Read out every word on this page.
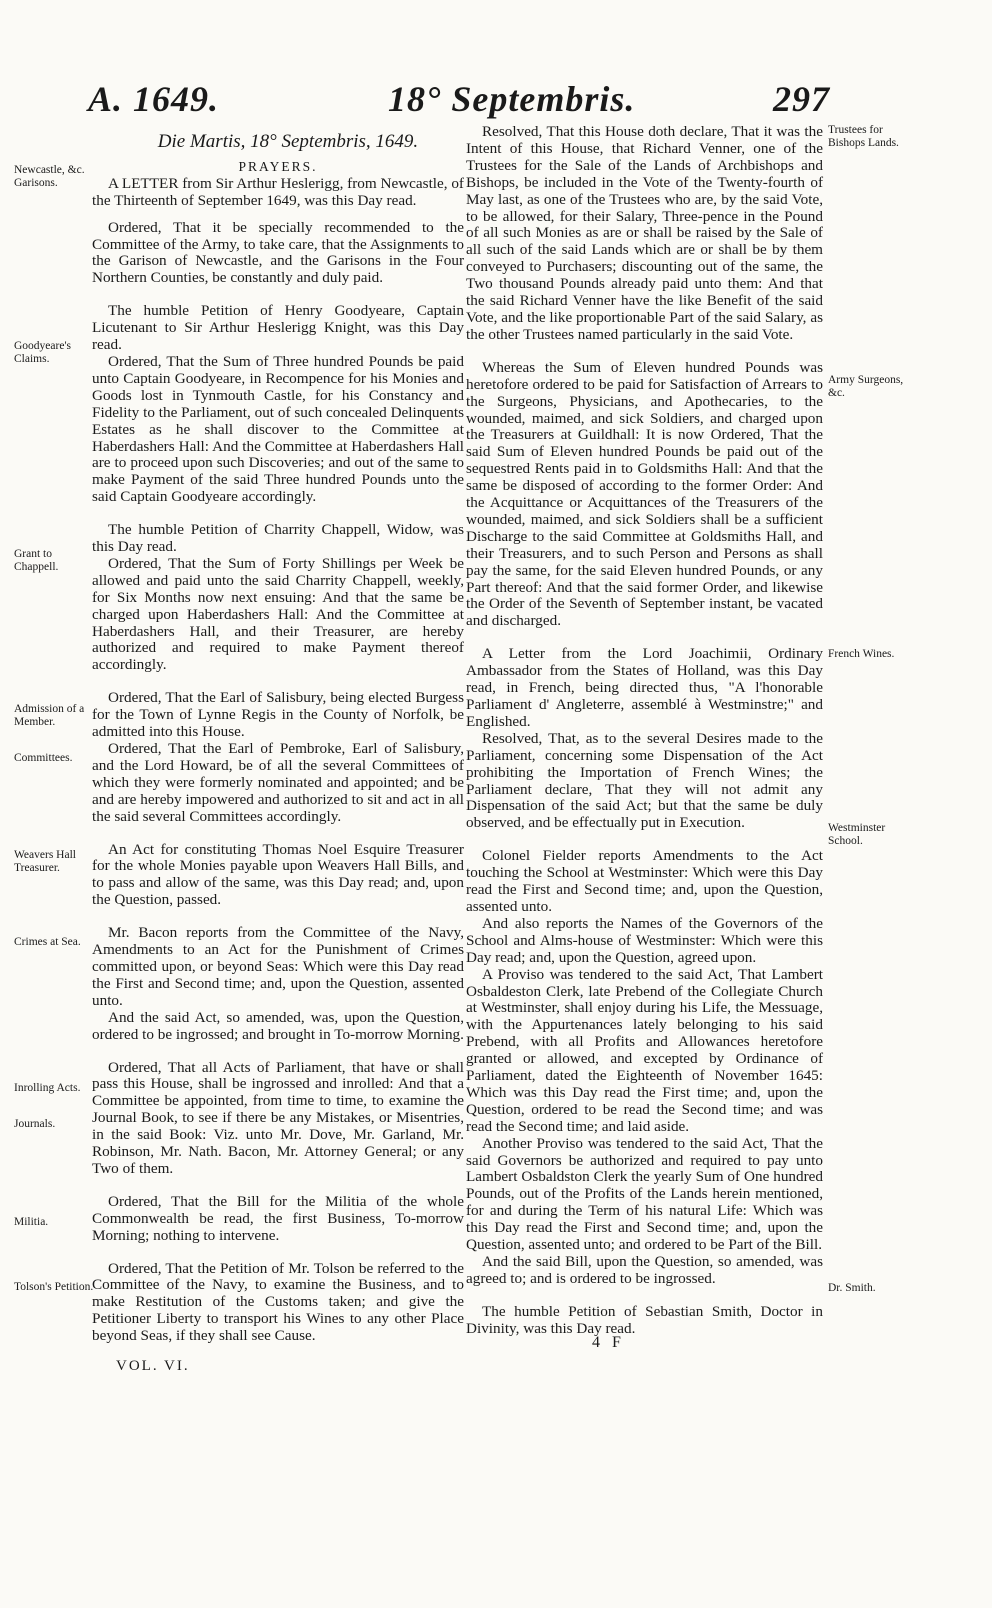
A. 1649.	18° Septembris.	297
Die Martis, 18° Septembris, 1649.
PRAYERS.

A LETTER from Sir Arthur Heslerigg, from Newcastle, of the Thirteenth of September 1649, was this Day read.

Ordered, That it be specially recommended to the Committee of the Army, to take care, that the Assignments to the Garison of Newcastle, and the Garisons in the Four Northern Counties, be constantly and duly paid.

The humble Petition of Henry Goodyeare, Captain Licutenant to Sir Arthur Heslerigg Knight, was this Day read.

Ordered, That the Sum of Three hundred Pounds be paid unto Captain Goodyeare, in Recompence for his Monies and Goods lost in Tynmouth Castle, for his Constancy and Fidelity to the Parliament, out of such concealed Delinquents Estates as he shall discover to the Committee at Haberdashers Hall: And the Committee at Haberdashers Hall are to proceed upon such Discoveries; and out of the same to make Payment of the said Three hundred Pounds unto the said Captain Goodyeare accordingly.

The humble Petition of Charrity Chappell, Widow, was this Day read.

Ordered, That the Sum of Forty Shillings per Week be allowed and paid unto the said Charrity Chappell, weekly, for Six Months now next ensuing: And that the same be charged upon Haberdashers Hall: And the Committee at Haberdashers Hall, and their Treasurer, are hereby authorized and required to make Payment thereof accordingly.

Ordered, That the Earl of Salisbury, being elected Burgess for the Town of Lynne Regis in the County of Norfolk, be admitted into this House.

Ordered, That the Earl of Pembroke, Earl of Salisbury, and the Lord Howard, be of all the several Committees of which they were formerly nominated and appointed; and be and are hereby impowered and authorized to sit and act in all the said several Committees accordingly.

An Act for constituting Thomas Noel Esquire Treasurer for the whole Monies payable upon Weavers Hall Bills, and to pass and allow of the same, was this Day read; and, upon the Question, passed.

Mr. Bacon reports from the Committee of the Navy, Amendments to an Act for the Punishment of Crimes committed upon, or beyond Seas: Which were this Day read the First and Second time; and, upon the Question, assented unto.

And the said Act, so amended, was, upon the Question, ordered to be ingrossed; and brought in To-morrow Morning.

Ordered, That all Acts of Parliament, that have or shall pass this House, shall be ingrossed and inrolled: And that a Committee be appointed, from time to time, to examine the Journal Book, to see if there be any Mistakes, or Misentries, in the said Book: Viz. unto Mr. Dove, Mr. Garland, Mr. Robinson, Mr. Nath. Bacon, Mr. Attorney General; or any Two of them.

Ordered, That the Bill for the Militia of the whole Commonwealth be read, the first Business, To-morrow Morning; nothing to intervene.

Ordered, That the Petition of Mr. Tolson be referred to the Committee of the Navy, to examine the Business, and to make Restitution of the Customs taken; and give the Petitioner Liberty to transport his Wines to any other Place beyond Seas, if they shall see Cause.

Newcastle, &c. Garisons.
Goodyeare's Claims.
Grant to Chappell.
Admission of a Member.
Committees.
Weavers Hall Treasurer.
Crimes at Sea.
Inrolling Acts.
Journals.
Militia.
Tolson's Petition.

Resolved, That this House doth declare, That it was the Intent of this House, that Richard Venner, one of the Trustees for the Sale of the Lands of Archbishops and Bishops, be included in the Vote of the Twenty-fourth of May last, as one of the Trustees who are, by the said Vote, to be allowed, for their Salary, Three-pence in the Pound of all such Monies as are or shall be raised by the Sale of all such of the said Lands which are or shall be by them conveyed to Purchasers; discounting out of the same, the Two thousand Pounds already paid unto them: And that the said Richard Venner have the like Benefit of the said Vote, and the like proportionable Part of the said Salary, as the other Trustees named particularly in the said Vote.

Whereas the Sum of Eleven hundred Pounds was heretofore ordered to be paid for Satisfaction of Arrears to the Surgeons, Physicians, and Apothecaries, to the wounded, maimed, and sick Soldiers, and charged upon the Treasurers at Guildhall: It is now Ordered, That the said Sum of Eleven hundred Pounds be paid out of the sequestred Rents paid in to Goldsmiths Hall: And that the same be disposed of according to the former Order: And the Acquittance or Acquittances of the Treasurers of the wounded, maimed, and sick Soldiers shall be a sufficient Discharge to the said Committee at Goldsmiths Hall, and their Treasurers, and to such Person and Persons as shall pay the same, for the said Eleven hundred Pounds, or any Part thereof: And that the said former Order, and likewise the Order of the Seventh of September instant, be vacated and discharged.

A Letter from the Lord Joachimii, Ordinary Ambassador from the States of Holland, was this Day read, in French, being directed thus, "A l'honorable Parliament d' Angleterre, assemblé à Westminstre;" and Englished.

Resolved, That, as to the several Desires made to the Parliament, concerning some Dispensation of the Act prohibiting the Importation of French Wines; the Parliament declare, That they will not admit any Dispensation of the said Act; but that the same be duly observed, and be effectually put in Execution.

Colonel Fielder reports Amendments to the Act touching the School at Westminster: Which were this Day read the First and Second time; and, upon the Question, assented unto.

And also reports the Names of the Governors of the School and Alms-house of Westminster: Which were this Day read; and, upon the Question, agreed upon.

A Proviso was tendered to the said Act, That Lambert Osbaldeston Clerk, late Prebend of the Collegiate Church at Westminster, shall enjoy during his Life, the Messuage, with the Appurtenances lately belonging to his said Prebend, with all Profits and Allowances heretofore granted or allowed, and excepted by Ordinance of Parliament, dated the Eighteenth of November 1645: Which was this Day read the First time; and, upon the Question, ordered to be read the Second time; and was read the Second time; and laid aside.

Another Proviso was tendered to the said Act, That the said Governors be authorized and required to pay unto Lambert Osbaldston Clerk the yearly Sum of One hundred Pounds, out of the Profits of the Lands herein mentioned, for and during the Term of his natural Life: Which was this Day read the First and Second time; and, upon the Question, assented unto; and ordered to be Part of the Bill.

And the said Bill, upon the Question, so amended, was agreed to; and is ordered to be ingrossed.

The humble Petition of Sebastian Smith, Doctor in Divinity, was this Day read.

Trustees for Bishops Lands.
Army Surgeons, &c.
French Wines.
Westminster School.
Dr. Smith.
VOL. VI.
4 F
